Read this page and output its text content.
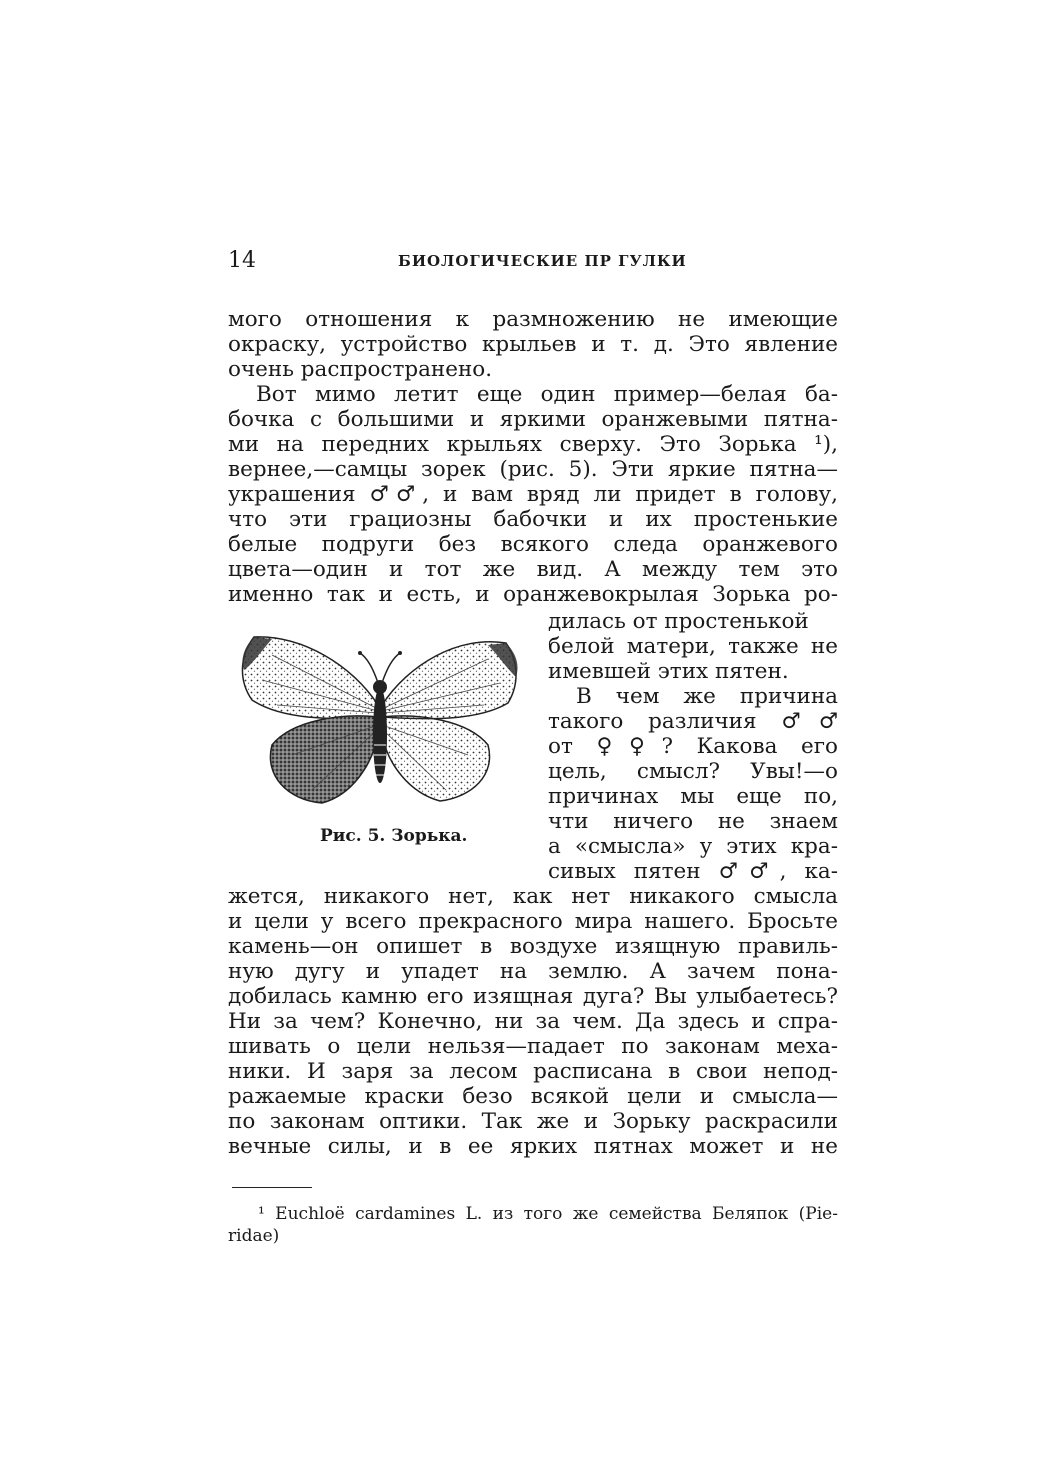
14	БИОЛОГИЧЕСКИЕ ПР ГУЛКИ
мого отношения к размножению не имеющие
окраску, устройство крыльев и т. д. Это явление
очень распространено.
Вот мимо летит еще один пример—белая ба-
бочка с большими и яркими оранжевыми пятна-
ми на передних крыльях сверху. Это Зорька ¹),
вернее,—самцы зорек (рис. 5). Эти яркие пятна—
украшения ♂♂, и вам вряд ли придет в голову,
что эти грациозны бабочки и их простенькие
белые подруги без всякого следа оранжевого
цвета—один и тот же вид. А между тем это
именно так и есть, и оранжевокрылая Зорька ро-
Рис. 5. Зорька.
дилась от простенькой
белой матери, также не
имевшей этих пятен.
В чем же причина
такого различия ♂♂
от ♀♀? Какова его
цель, смысл? Увы!—о
причинах мы еще по,
чти ничего не знаем
а «смысла» у этих кра-
сивых пятен ♂♂, ка-
жется, никакого нет, как нет никакого смысла
и цели у всего прекрасного мира нашего. Бросьте
камень—он опишет в воздухе изящную правиль-
ную дугу и упадет на землю. А зачем пона-
добилась камню его изящная дуга? Вы улыбаетесь?
Ни за чем? Конечно, ни за чем. Да здесь и спра-
шивать о цели нельзя—падает по законам меха-
ники. И заря за лесом расписана в свои непод-
ражаемые краски безо всякой цели и смысла—
по законам оптики. Так же и Зорьку раскрасили
вечные силы, и в ее ярких пятнах может и не
¹ Euchloë cardamines L. из того же семейства Беляпок (Pie-
ridae)
